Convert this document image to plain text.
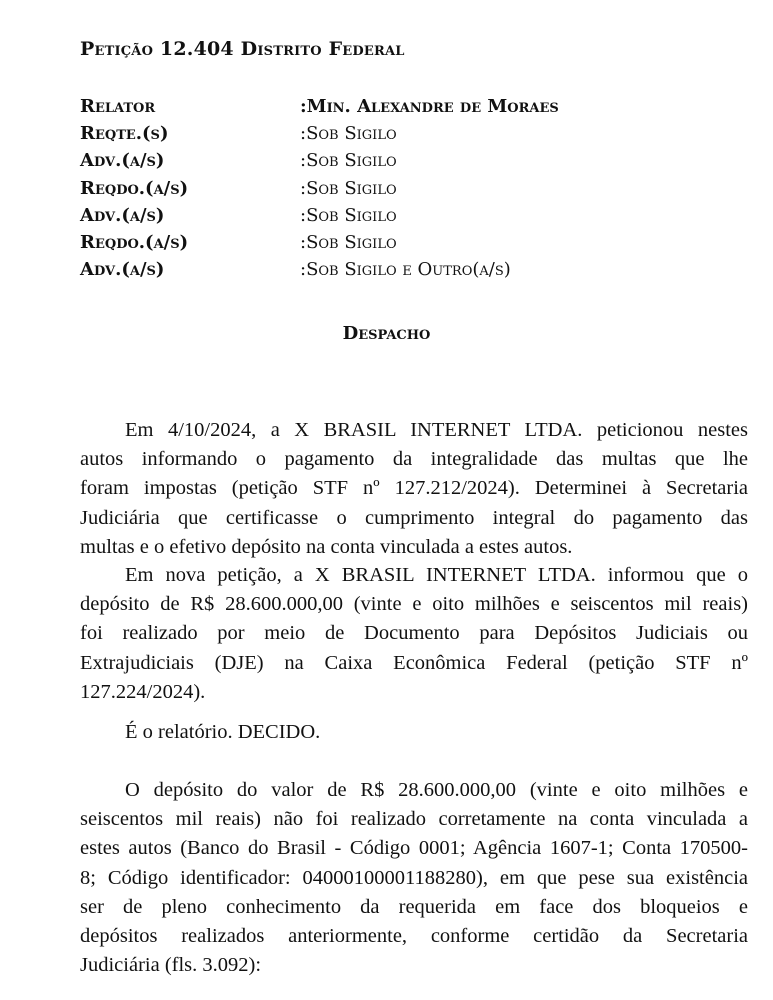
Petição 12.404 Distrito Federal
Relator	:Min. Alexandre de Moraes
Reqte.(s)	:Sob Sigilo
Adv.(a/s)	:Sob Sigilo
Reqdo.(a/s)	:Sob Sigilo
Adv.(a/s)	:Sob Sigilo
Reqdo.(a/s)	:Sob Sigilo
Adv.(a/s)	:Sob Sigilo e Outro(a/s)
Despacho
Em 4/10/2024, a X BRASIL INTERNET LTDA. peticionou nestes
autos informando o pagamento da integralidade das multas que lhe
foram impostas (petição STF nº 127.212/2024). Determinei à Secretaria
Judiciária que certificasse o cumprimento integral do pagamento das
multas e o efetivo depósito na conta vinculada a estes autos.
Em nova petição, a X BRASIL INTERNET LTDA. informou que o
depósito de R$ 28.600.000,00 (vinte e oito milhões e seiscentos mil reais)
foi realizado por meio de Documento para Depósitos Judiciais ou
Extrajudiciais (DJE) na Caixa Econômica Federal (petição STF nº
127.224/2024).
É o relatório. DECIDO.
O depósito do valor de R$ 28.600.000,00 (vinte e oito milhões e
seiscentos mil reais) não foi realizado corretamente na conta vinculada a
estes autos (Banco do Brasil - Código 0001; Agência 1607-1; Conta 170500-
8; Código identificador: 04000100001188280), em que pese sua existência
ser de pleno conhecimento da requerida em face dos bloqueios e
depósitos realizados anteriormente, conforme certidão da Secretaria
Judiciária (fls. 3.092):
